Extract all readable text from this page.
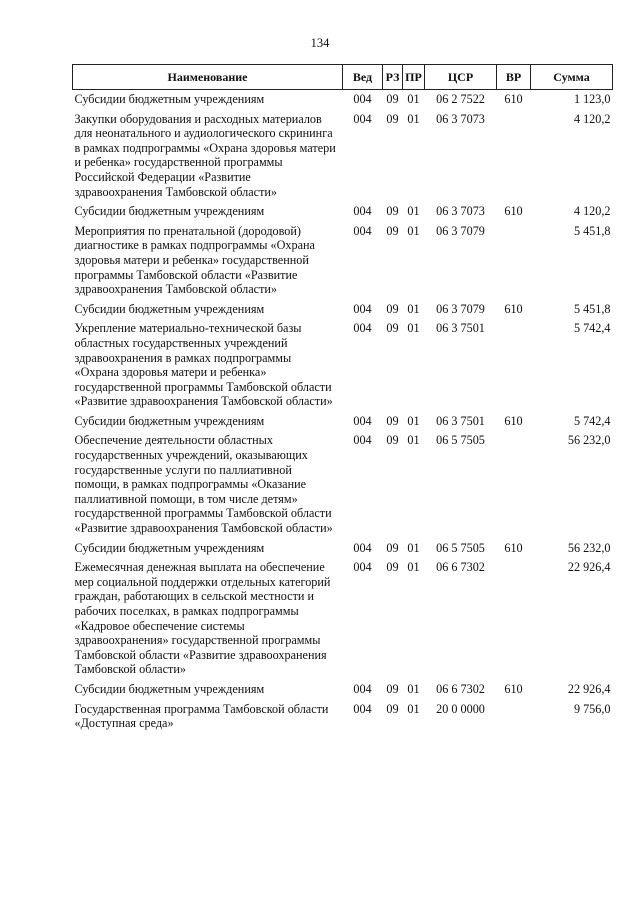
134
Наименование	Вед	РЗ	ПР	ЦСР	ВР	Сумма
Субсидии бюджетным учреждениям	004	09	01	06 2 7522	610	1 123,0
Закупки оборудования и расходных материалов для неонатального и аудиологического скрининга в рамках подпрограммы «Охрана здоровья матери и ребенка» государственной программы Российской Федерации «Развитие здравоохранения Тамбовской области»	004	09	01	06 3 7073		4 120,2
Субсидии бюджетным учреждениям	004	09	01	06 3 7073	610	4 120,2
Мероприятия по пренатальной (дородовой) диагностике в рамках подпрограммы «Охрана здоровья матери и ребенка» государственной программы Тамбовской области «Развитие здравоохранения Тамбовской области»	004	09	01	06 3 7079		5 451,8
Субсидии бюджетным учреждениям	004	09	01	06 3 7079	610	5 451,8
Укрепление материально-технической базы областных государственных учреждений здравоохранения в рамках подпрограммы «Охрана здоровья матери и ребенка» государственной программы Тамбовской области «Развитие здравоохранения Тамбовской области»	004	09	01	06 3 7501		5 742,4
Субсидии бюджетным учреждениям	004	09	01	06 3 7501	610	5 742,4
Обеспечение деятельности областных государственных учреждений, оказывающих государственные услуги по паллиативной помощи, в рамках подпрограммы «Оказание паллиативной помощи, в том числе детям» государственной программы Тамбовской области «Развитие здравоохранения Тамбовской области»	004	09	01	06 5 7505		56 232,0
Субсидии бюджетным учреждениям	004	09	01	06 5 7505	610	56 232,0
Ежемесячная денежная выплата на обеспечение мер социальной поддержки отдельных категорий граждан, работающих в сельской местности и рабочих поселках, в рамках подпрограммы «Кадровое обеспечение системы здравоохранения» государственной программы Тамбовской области «Развитие здравоохранения Тамбовской области»	004	09	01	06 6 7302		22 926,4
Субсидии бюджетным учреждениям	004	09	01	06 6 7302	610	22 926,4
Государственная программа Тамбовской области «Доступная среда»	004	09	01	20 0 0000		9 756,0
